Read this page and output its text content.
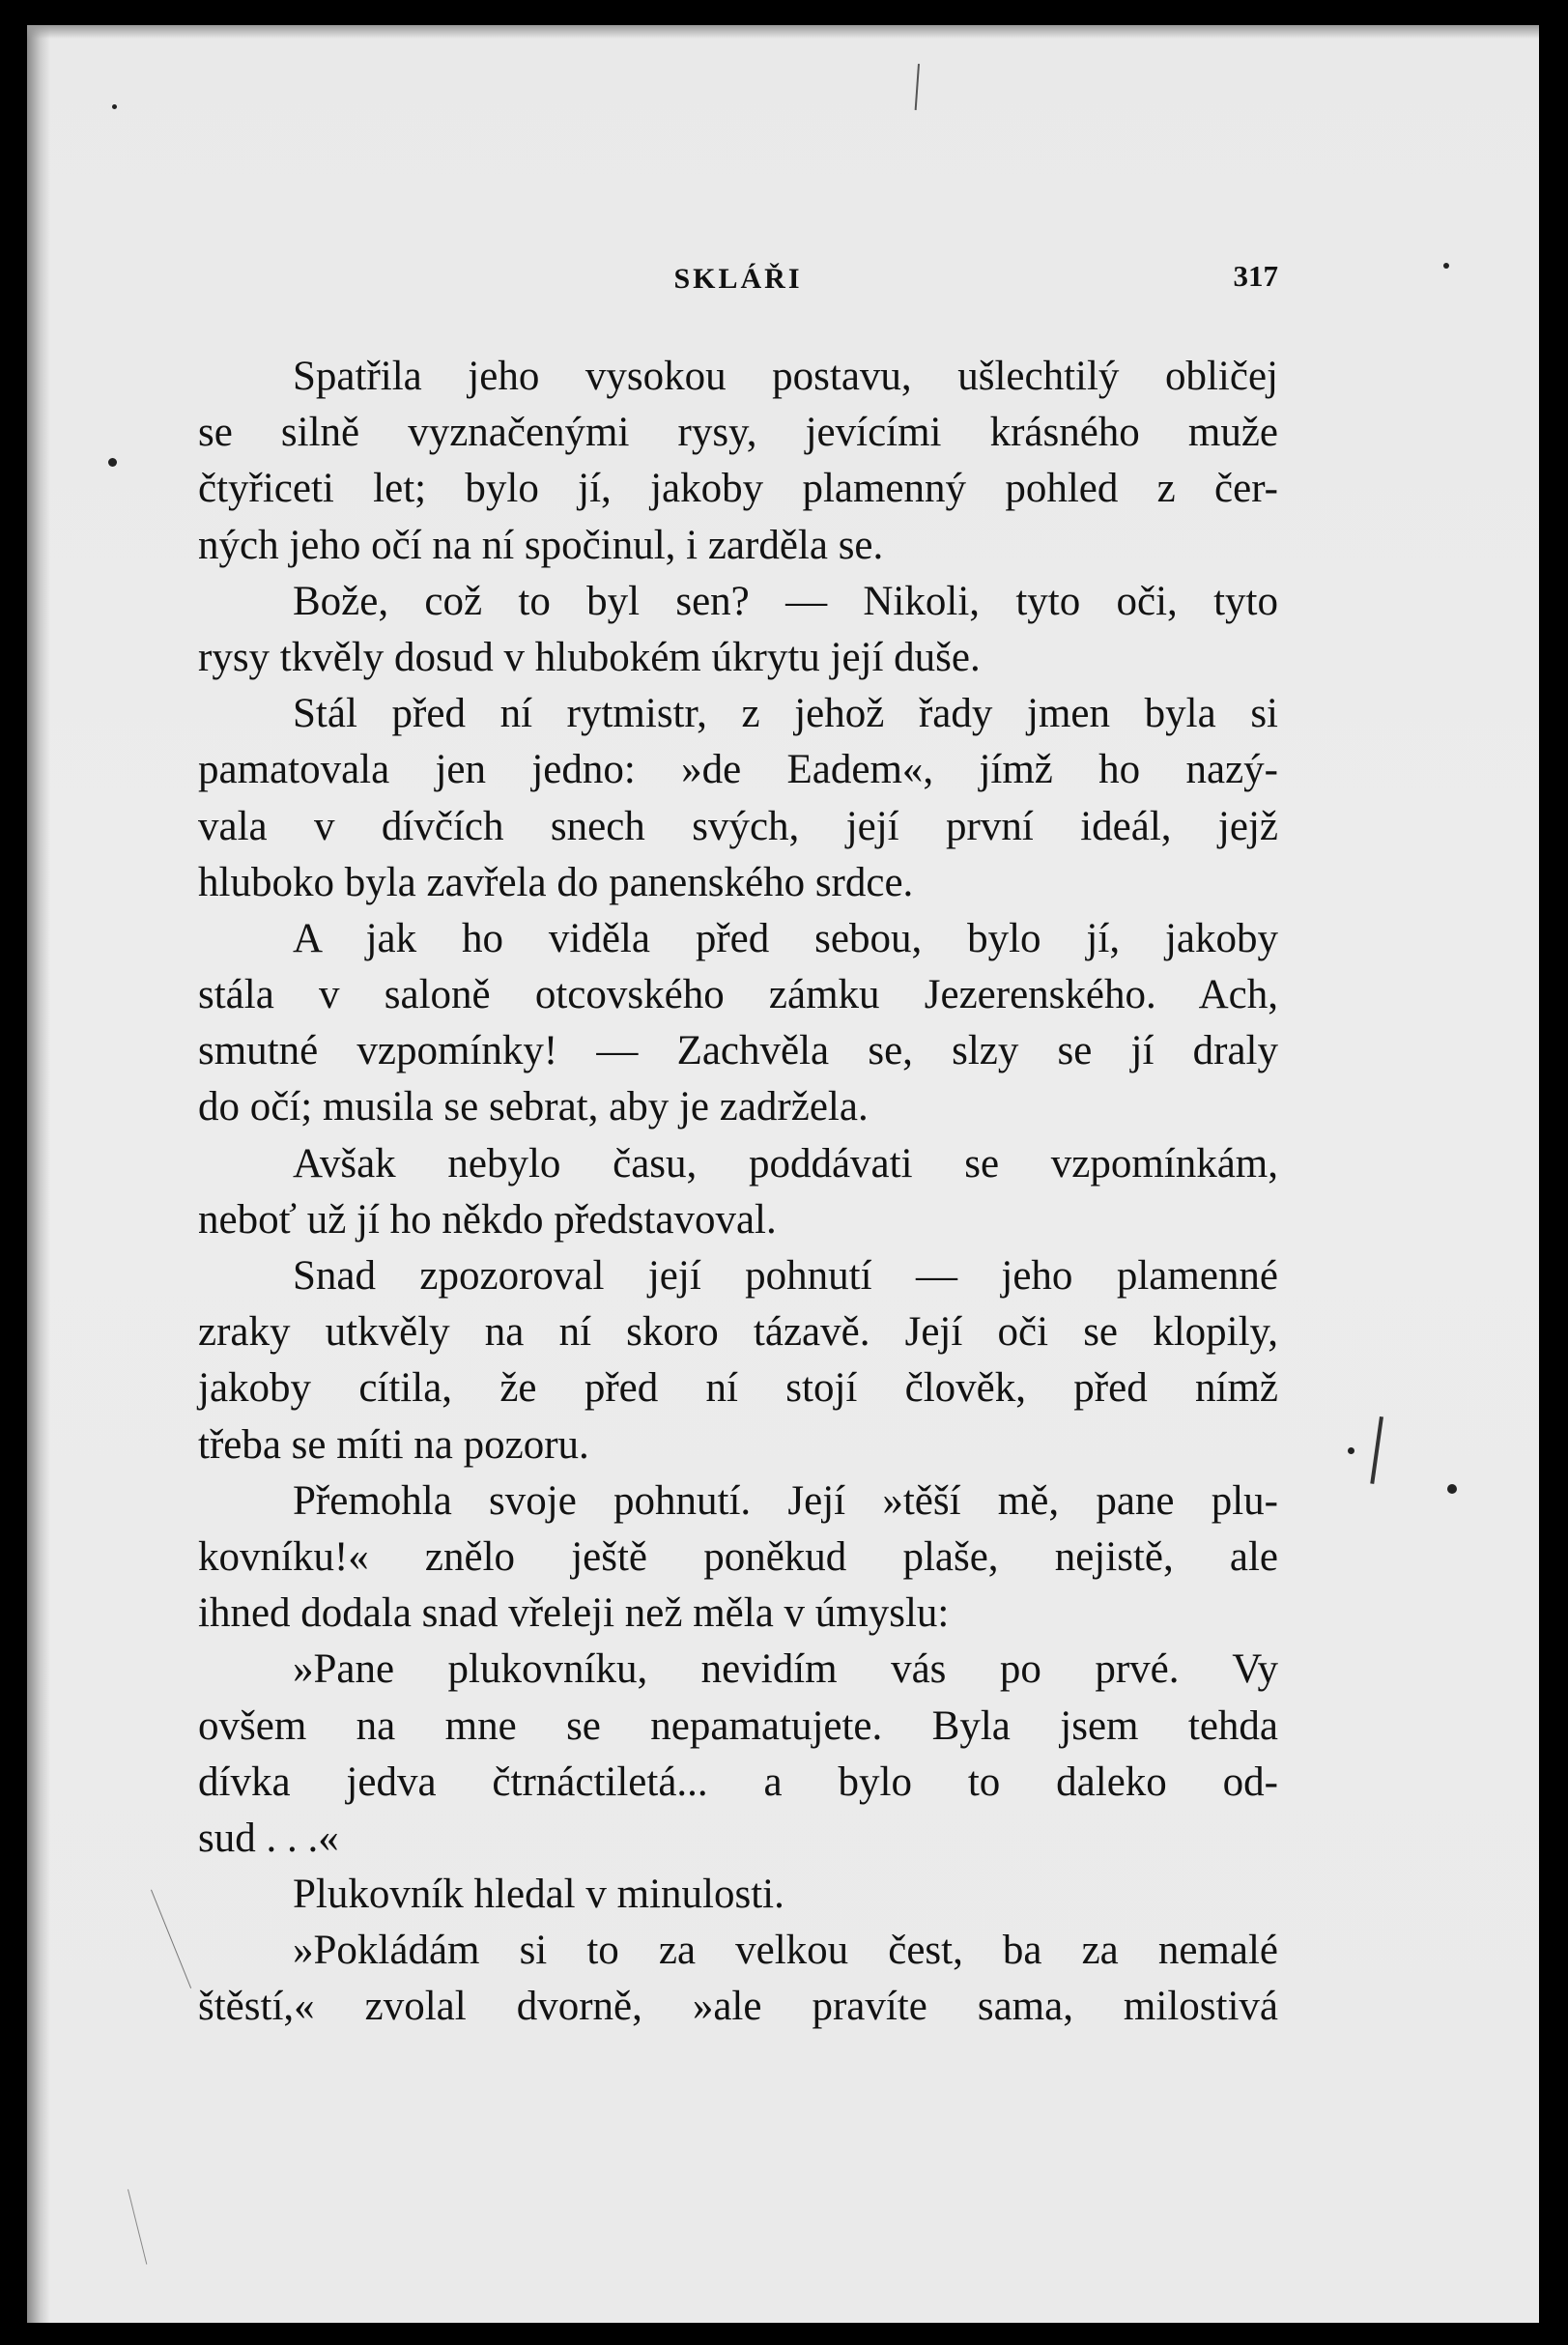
SKLÁŘI	317
Spatřila jeho vysokou postavu, ušlechtilý obličej
se silně vyznačenými rysy, jevícími krásného muže
čtyřiceti let; bylo jí, jakoby plamenný pohled z čer-
ných jeho očí na ní spočinul, i zarděla se.
Bože, což to byl sen? — Nikoli, tyto oči, tyto
rysy tkvěly dosud v hlubokém úkrytu její duše.
Stál před ní rytmistr, z jehož řady jmen byla si
pamatovala jen jedno: »de Eadem«, jímž ho nazý-
vala v dívčích snech svých, její první ideál, jejž
hluboko byla zavřela do panenského srdce.
A jak ho viděla před sebou, bylo jí, jakoby
stála v saloně otcovského zámku Jezerenského. Ach,
smutné vzpomínky! — Zachvěla se, slzy se jí draly
do očí; musila se sebrat, aby je zadržela.
Avšak nebylo času, poddávati se vzpomínkám,
neboť už jí ho někdo představoval.
Snad zpozoroval její pohnutí — jeho plamenné
zraky utkvěly na ní skoro tázavě. Její oči se klopily,
jakoby cítila, že před ní stojí člověk, před nímž
třeba se míti na pozoru.
Přemohla svoje pohnutí. Její »těší mě, pane plu-
kovníku!« znělo ještě poněkud plaše, nejistě, ale
ihned dodala snad vřeleji než měla v úmyslu:
»Pane plukovníku, nevidím vás po prvé. Vy
ovšem na mne se nepamatujete. Byla jsem tehda
dívka jedva čtrnáctiletá... a bylo to daleko od-
sud . . .«
Plukovník hledal v minulosti.
»Pokládám si to za velkou čest, ba za nemalé
štěstí,« zvolal dvorně, »ale pravíte sama, milostivá
